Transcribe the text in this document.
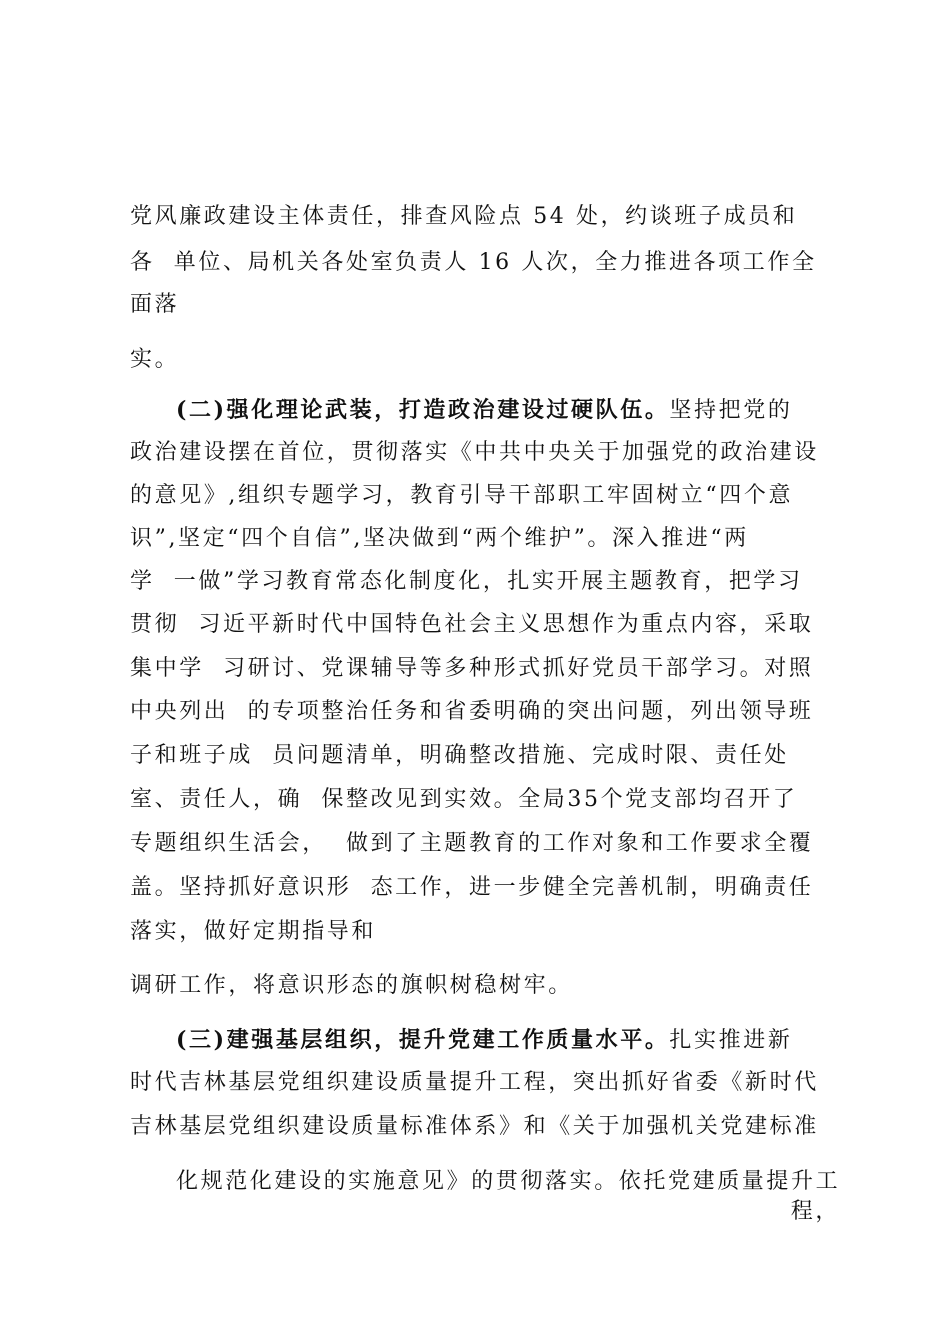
党风廉政建设主体责任，排查风险点 54 处，约谈班子成员和
各  单位、局机关各处室负责人 16 人次，全力推进各项工作全
面落
实。
(二)强化理论武装，打造政治建设过硬队伍。坚持把党的
政治建设摆在首位，贯彻落实《中共中央关于加强党的政治建设
的意见》,组织专题学习，教育引导干部职工牢固树立“四个意
识”,坚定“四个自信”,坚决做到“两个维护”。深入推进“两
学  一做”学习教育常态化制度化，扎实开展主题教育，把学习
贯彻  习近平新时代中国特色社会主义思想作为重点内容，采取
集中学  习研讨、党课辅导等多种形式抓好党员干部学习。对照
中央列出  的专项整治任务和省委明确的突出问题，列出领导班
子和班子成  员问题清单，明确整改措施、完成时限、责任处
室、责任人，确  保整改见到实效。全局35个党支部均召开了
专题组织生活会，  做到了主题教育的工作对象和工作要求全覆
盖。坚持抓好意识形  态工作，进一步健全完善机制，明确责任
落实，做好定期指导和
调研工作，将意识形态的旗帜树稳树牢。
(三)建强基层组织，提升党建工作质量水平。扎实推进新
时代吉林基层党组织建设质量提升工程，突出抓好省委《新时代
吉林基层党组织建设质量标准体系》和《关于加强机关党建标准
化规范化建设的实施意见》的贯彻落实。依托党建质量提升工
程，
